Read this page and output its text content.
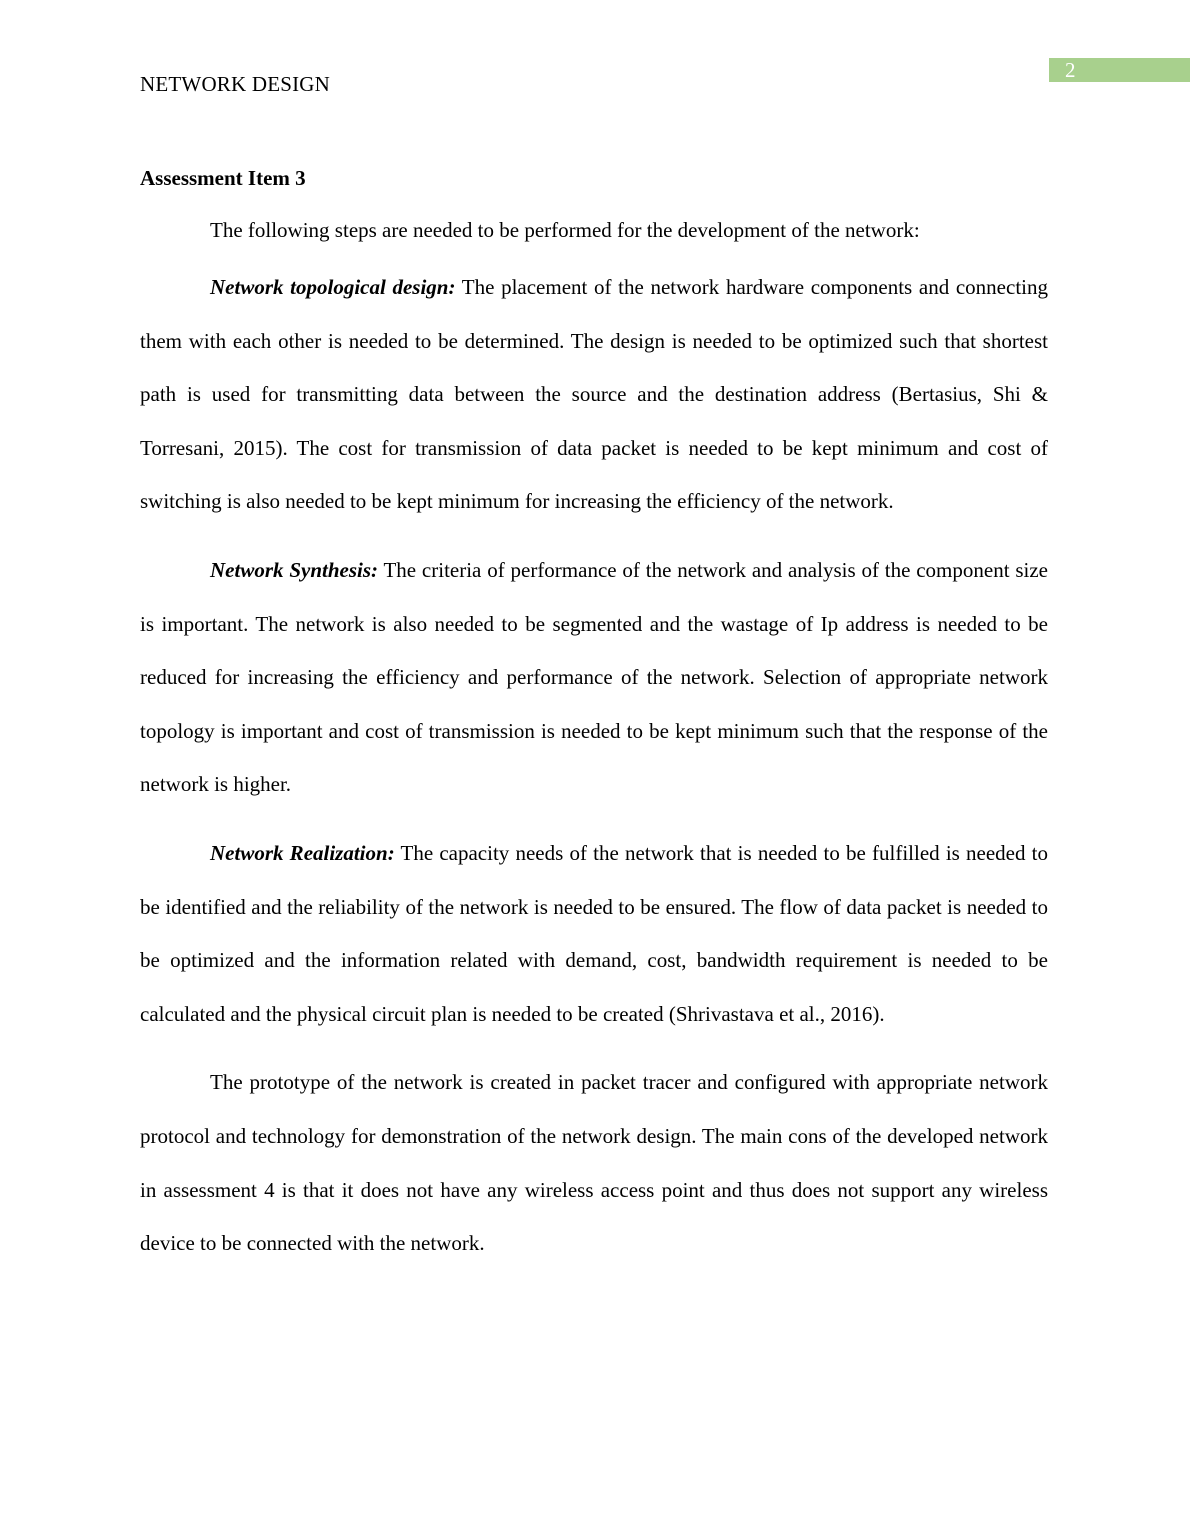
2
NETWORK DESIGN
Assessment Item 3

The following steps are needed to be performed for the development of the network:

Network topological design: The placement of the network hardware components and connecting them with each other is needed to be determined. The design is needed to be optimized such that shortest path is used for transmitting data between the source and the destination address (Bertasius, Shi & Torresani, 2015). The cost for transmission of data packet is needed to be kept minimum and cost of switching is also needed to be kept minimum for increasing the efficiency of the network.

Network Synthesis: The criteria of performance of the network and analysis of the component size is important. The network is also needed to be segmented and the wastage of Ip address is needed to be reduced for increasing the efficiency and performance of the network. Selection of appropriate network topology is important and cost of transmission is needed to be kept minimum such that the response of the network is higher.

Network Realization: The capacity needs of the network that is needed to be fulfilled is needed to be identified and the reliability of the network is needed to be ensured. The flow of data packet is needed to be optimized and the information related with demand, cost, bandwidth requirement is needed to be calculated and the physical circuit plan is needed to be created (Shrivastava et al., 2016).

The prototype of the network is created in packet tracer and configured with appropriate network protocol and technology for demonstration of the network design. The main cons of the developed network in assessment 4 is that it does not have any wireless access point and thus does not support any wireless device to be connected with the network.
